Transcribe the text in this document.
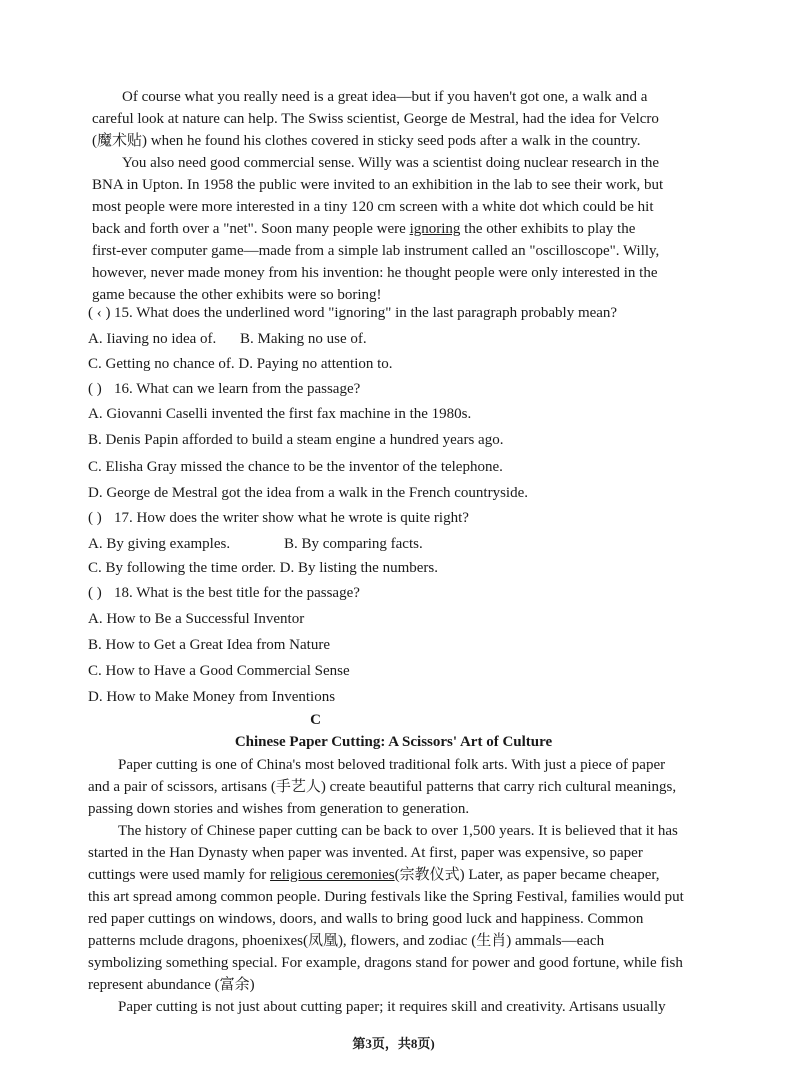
Of course what you really need is a great idea—but if you haven't got one, a walk and a
careful look at nature can help. The Swiss scientist, George de Mestral, had the idea for Velcro
(魔术贴) when he found his clothes covered in sticky seed pods after a walk in the country.
You also need good commercial sense. Willy was a scientist doing nuclear research in the
BNA in Upton. In 1958 the public were invited to an exhibition in the lab to see their work, but
most people were more interested in a tiny 120 cm screen with a white dot which could be hit
back and forth over a "net". Soon many people were ignoring the other exhibits to play the
first-ever computer game—made from a simple lab instrument called an "oscilloscope". Willy,
however, never made money from his invention: he thought people were only interested in the
game because the other exhibits were so boring!
( ‹ ) 15. What does the underlined word "ignoring" in the last paragraph probably mean?
A. Iiaving no idea of. B. Making no use of.
C. Getting no chance of. D. Paying no attention to.
( ) 16. What can we learn from the passage?
A. Giovanni Caselli invented the first fax machine in the 1980s.
B. Denis Papin afforded to build a steam engine a hundred years ago.
C. Elisha Gray missed the chance to be the inventor of the telephone.
D. George de Mestral got the idea from a walk in the French countryside.
( ) 17. How does the writer show what he wrote is quite right?
A. By giving examples.	B. By comparing facts.
C. By following the time order. D. By listing the numbers.
( ) 18. What is the best title for the passage?
A. How to Be a Successful Inventor
B. How to Get a Great Idea from Nature
C. How to Have a Good Commercial Sense
D. How to Make Money from Inventions
C
Chinese Paper Cutting: A Scissors' Art of Culture
Paper cutting is one of China's most beloved traditional folk arts. With just a piece of paper
and a pair of scissors, artisans (手艺人) create beautiful patterns that carry rich cultural meanings,
passing down stories and wishes from generation to generation.
The history of Chinese paper cutting can be back to over 1,500 years. It is believed that it has
started in the Han Dynasty when paper was invented. At first, paper was expensive, so paper
cuttings were used mamly for religious ceremonies(宗教仪式) Later, as paper became cheaper,
this art spread among common people. During festivals like the Spring Festival, families would put
red paper cuttings on windows, doors, and walls to bring good luck and happiness. Common
patterns mclude dragons, phoenixes(凤凰), flowers, and zodiac (生肖) ammals—each
symbolizing something special. For example, dragons stand for power and good fortune, while fish
represent abundance (富余)
Paper cutting is not just about cutting paper; it requires skill and creativity. Artisans usually
第3页，共8页)
